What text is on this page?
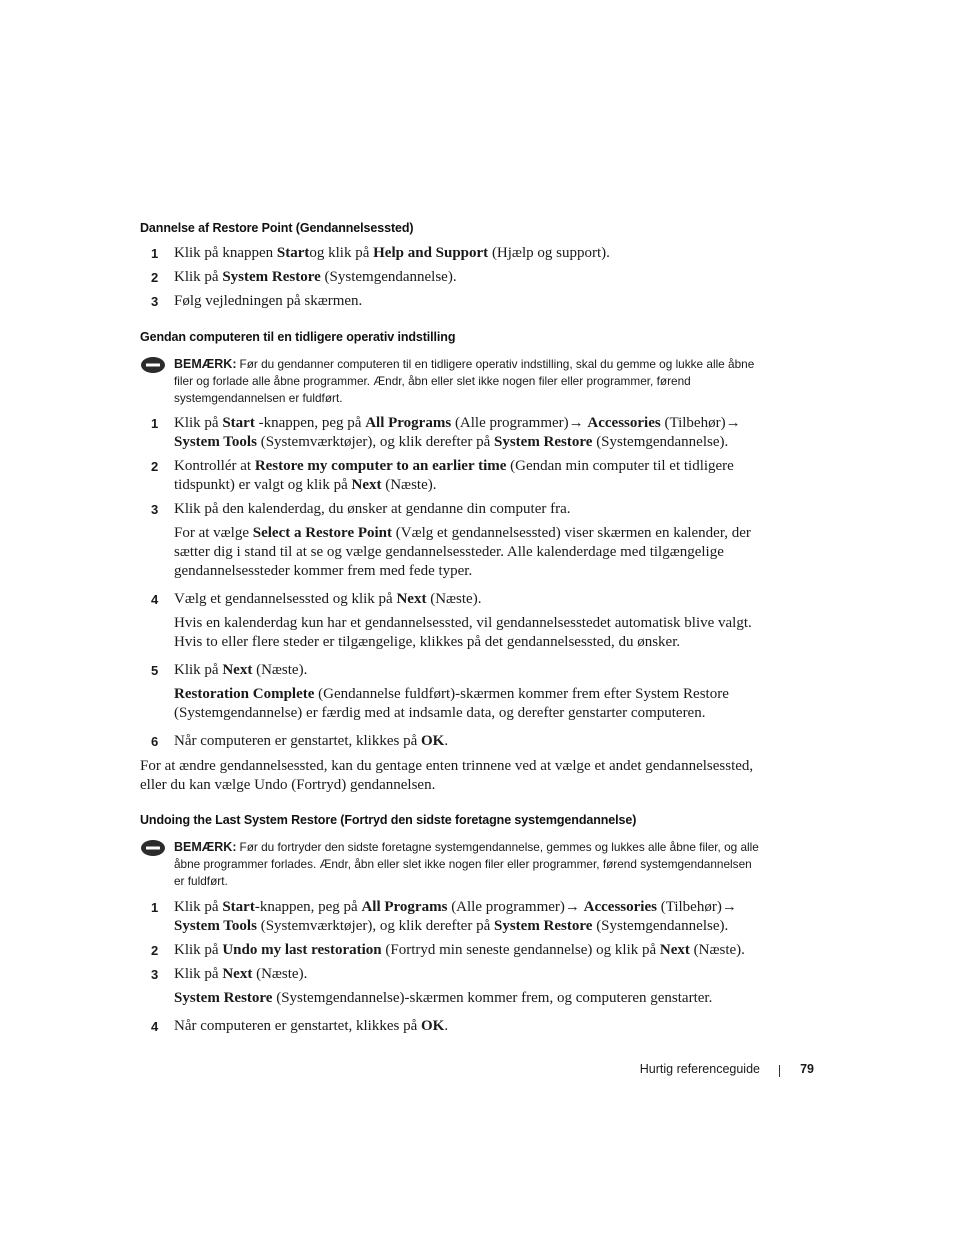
Dannelse af Restore Point (Gendannelsessted)
1 Klik på knappen Startog klik på Help and Support (Hjælp og support).
2 Klik på System Restore (Systemgendannelse).
3 Følg vejledningen på skærmen.
Gendan computeren til en tidligere operativ indstilling
BEMÆRK: Før du gendanner computeren til en tidligere operativ indstilling, skal du gemme og lukke alle åbne filer og forlade alle åbne programmer. Ændr, åbn eller slet ikke nogen filer eller programmer, førend systemgendannelsen er fuldført.
1 Klik på Start -knappen, peg på All Programs (Alle programmer)→ Accessories (Tilbehør)→ System Tools (Systemværktøjer), og klik derefter på System Restore (Systemgendannelse).
2 Kontrollér at Restore my computer to an earlier time (Gendan min computer til et tidligere tidspunkt) er valgt og klik på Next (Næste).
3 Klik på den kalenderdag, du ønsker at gendanne din computer fra.
For at vælge Select a Restore Point (Vælg et gendannelsessted) viser skærmen en kalender, der sætter dig i stand til at se og vælge gendannelsessteder. Alle kalenderdage med tilgængelige gendannelsessteder kommer frem med fede typer.
4 Vælg et gendannelsessted og klik på Next (Næste).
Hvis en kalenderdag kun har et gendannelsessted, vil gendannelsesstedet automatisk blive valgt. Hvis to eller flere steder er tilgængelige, klikkes på det gendannelsessted, du ønsker.
5 Klik på Next (Næste).
Restoration Complete (Gendannelse fuldført)-skærmen kommer frem efter System Restore (Systemgendannelse) er færdig med at indsamle data, og derefter genstarter computeren.
6 Når computeren er genstartet, klikkes på OK.
For at ændre gendannelsessted, kan du gentage enten trinnene ved at vælge et andet gendannelsessted, eller du kan vælge Undo (Fortryd) gendannelsen.
Undoing the Last System Restore (Fortryd den sidste foretagne systemgendannelse)
BEMÆRK: Før du fortryder den sidste foretagne systemgendannelse, gemmes og lukkes alle åbne filer, og alle åbne programmer forlades. Ændr, åbn eller slet ikke nogen filer eller programmer, førend systemgendannelsen er fuldført.
1 Klik på Start-knappen, peg på All Programs (Alle programmer)→ Accessories (Tilbehør)→ System Tools (Systemværktøjer), og klik derefter på System Restore (Systemgendannelse).
2 Klik på Undo my last restoration (Fortryd min seneste gendannelse) og klik på Next (Næste).
3 Klik på Next (Næste).
System Restore (Systemgendannelse)-skærmen kommer frem, og computeren genstarter.
4 Når computeren er genstartet, klikkes på OK.
Hurtig referenceguide	79
